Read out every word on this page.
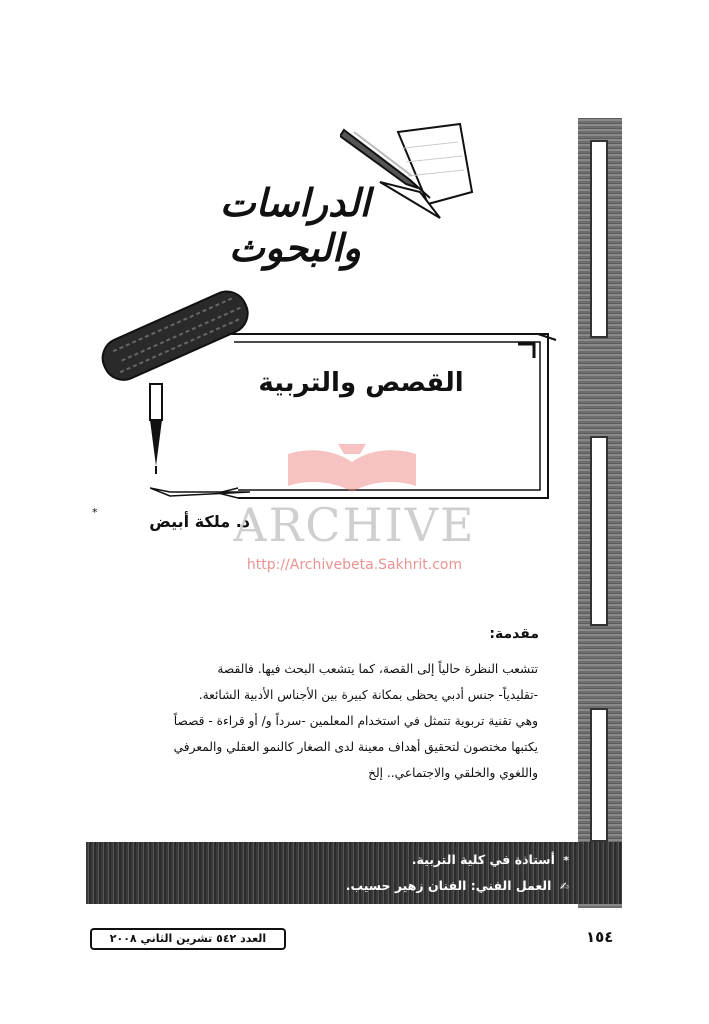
الدراسات والبحوث
القصص والتربية
د. ملكة أبيض
*	ARCHIVE
http://Archivebeta.Sakhrit.com
مقدمة:
تتشعب النظرة حالياً إلى القصة، كما يتشعب البحث فيها. فالقصة
-تقليدياً- جنس أدبي يحظى بمكانة كبيرة بين الأجناس الأدبية الشائعة.
وهي تقنية تربوية تتمثل في استخدام المعلمين -سرداً و/ أو قراءة - قصصاً
يكتبها مختصون لتحقيق أهداف معينة لدى الصغار كالنمو العقلي والمعرفي
واللغوي والخلقي والاجتماعي.. إلخ
* أستاذة في كلية التربية.
✍ العمل الفني: الفنان زهير حسيب.
العدد ٥٤٢ تشرين الثاني ٢٠٠٨	١٥٤
